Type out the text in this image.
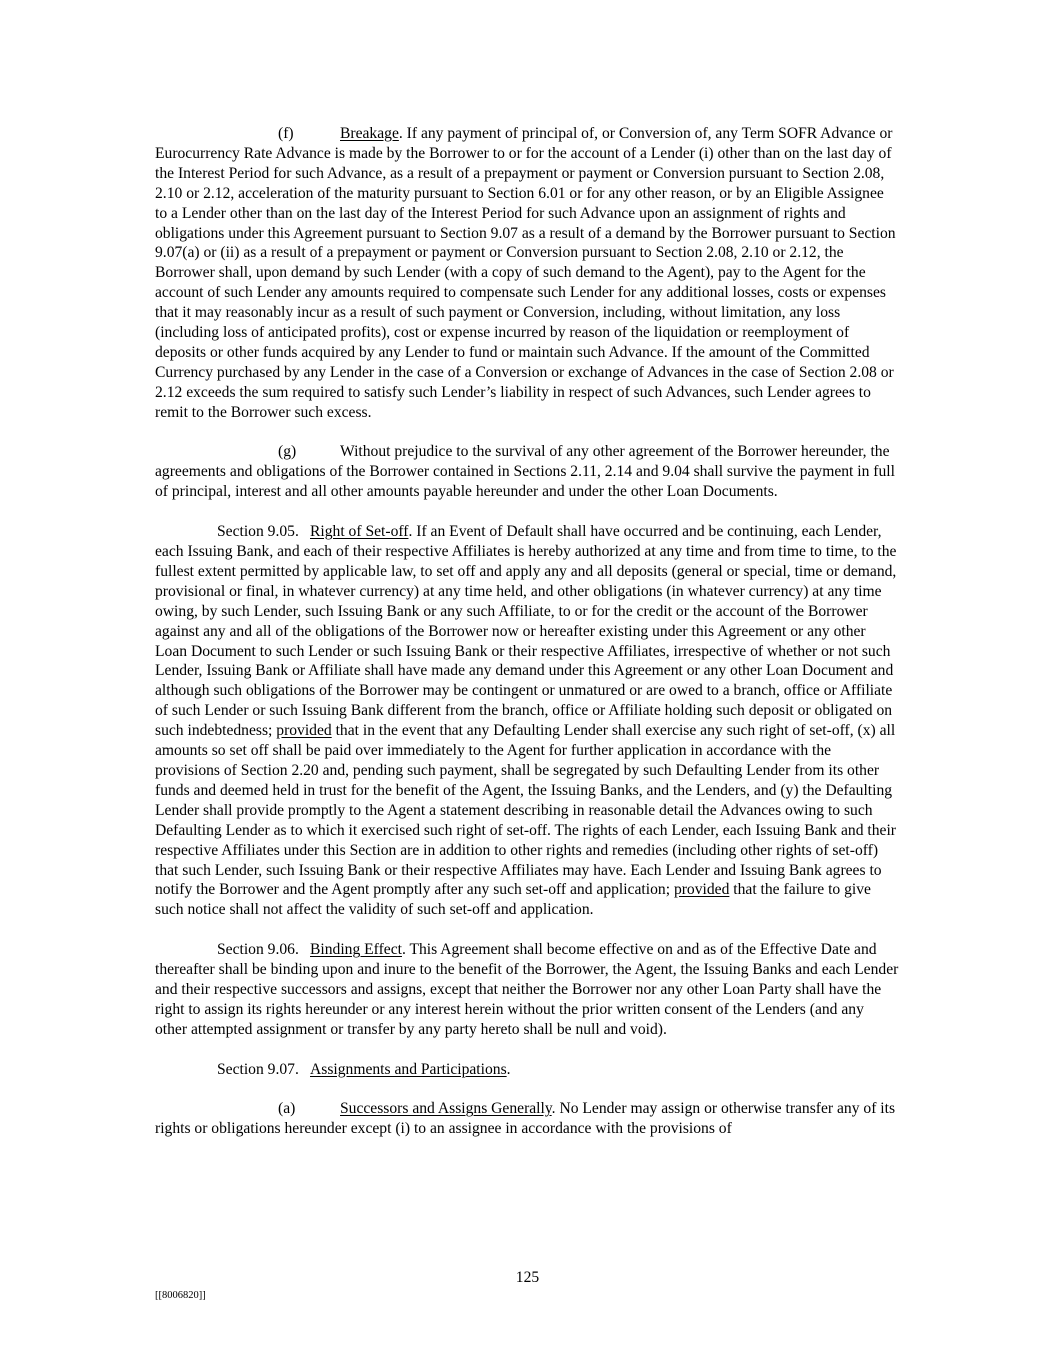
(f)	Breakage. If any payment of principal of, or Conversion of, any Term SOFR Advance or Eurocurrency Rate Advance is made by the Borrower to or for the account of a Lender (i) other than on the last day of the Interest Period for such Advance, as a result of a prepayment or payment or Conversion pursuant to Section 2.08, 2.10 or 2.12, acceleration of the maturity pursuant to Section 6.01 or for any other reason, or by an Eligible Assignee to a Lender other than on the last day of the Interest Period for such Advance upon an assignment of rights and obligations under this Agreement pursuant to Section 9.07 as a result of a demand by the Borrower pursuant to Section 9.07(a) or (ii) as a result of a prepayment or payment or Conversion pursuant to Section 2.08, 2.10 or 2.12, the Borrower shall, upon demand by such Lender (with a copy of such demand to the Agent), pay to the Agent for the account of such Lender any amounts required to compensate such Lender for any additional losses, costs or expenses that it may reasonably incur as a result of such payment or Conversion, including, without limitation, any loss (including loss of anticipated profits), cost or expense incurred by reason of the liquidation or reemployment of deposits or other funds acquired by any Lender to fund or maintain such Advance. If the amount of the Committed Currency purchased by any Lender in the case of a Conversion or exchange of Advances in the case of Section 2.08 or 2.12 exceeds the sum required to satisfy such Lender’s liability in respect of such Advances, such Lender agrees to remit to the Borrower such excess.

(g)	Without prejudice to the survival of any other agreement of the Borrower hereunder, the agreements and obligations of the Borrower contained in Sections 2.11, 2.14 and 9.04 shall survive the payment in full of principal, interest and all other amounts payable hereunder and under the other Loan Documents.

Section 9.05. Right of Set-off. If an Event of Default shall have occurred and be continuing, each Lender, each Issuing Bank, and each of their respective Affiliates is hereby authorized at any time and from time to time, to the fullest extent permitted by applicable law, to set off and apply any and all deposits (general or special, time or demand, provisional or final, in whatever currency) at any time held, and other obligations (in whatever currency) at any time owing, by such Lender, such Issuing Bank or any such Affiliate, to or for the credit or the account of the Borrower against any and all of the obligations of the Borrower now or hereafter existing under this Agreement or any other Loan Document to such Lender or such Issuing Bank or their respective Affiliates, irrespective of whether or not such Lender, Issuing Bank or Affiliate shall have made any demand under this Agreement or any other Loan Document and although such obligations of the Borrower may be contingent or unmatured or are owed to a branch, office or Affiliate of such Lender or such Issuing Bank different from the branch, office or Affiliate holding such deposit or obligated on such indebtedness; provided that in the event that any Defaulting Lender shall exercise any such right of set-off, (x) all amounts so set off shall be paid over immediately to the Agent for further application in accordance with the provisions of Section 2.20 and, pending such payment, shall be segregated by such Defaulting Lender from its other funds and deemed held in trust for the benefit of the Agent, the Issuing Banks, and the Lenders, and (y) the Defaulting Lender shall provide promptly to the Agent a statement describing in reasonable detail the Advances owing to such Defaulting Lender as to which it exercised such right of set-off. The rights of each Lender, each Issuing Bank and their respective Affiliates under this Section are in addition to other rights and remedies (including other rights of set-off) that such Lender, such Issuing Bank or their respective Affiliates may have. Each Lender and Issuing Bank agrees to notify the Borrower and the Agent promptly after any such set-off and application; provided that the failure to give such notice shall not affect the validity of such set-off and application.

Section 9.06. Binding Effect. This Agreement shall become effective on and as of the Effective Date and thereafter shall be binding upon and inure to the benefit of the Borrower, the Agent, the Issuing Banks and each Lender and their respective successors and assigns, except that neither the Borrower nor any other Loan Party shall have the right to assign its rights hereunder or any interest herein without the prior written consent of the Lenders (and any other attempted assignment or transfer by any party hereto shall be null and void).

Section 9.07. Assignments and Participations.

(a)	Successors and Assigns Generally. No Lender may assign or otherwise transfer any of its rights or obligations hereunder except (i) to an assignee in accordance with the provisions of

125
[[8006820]]
